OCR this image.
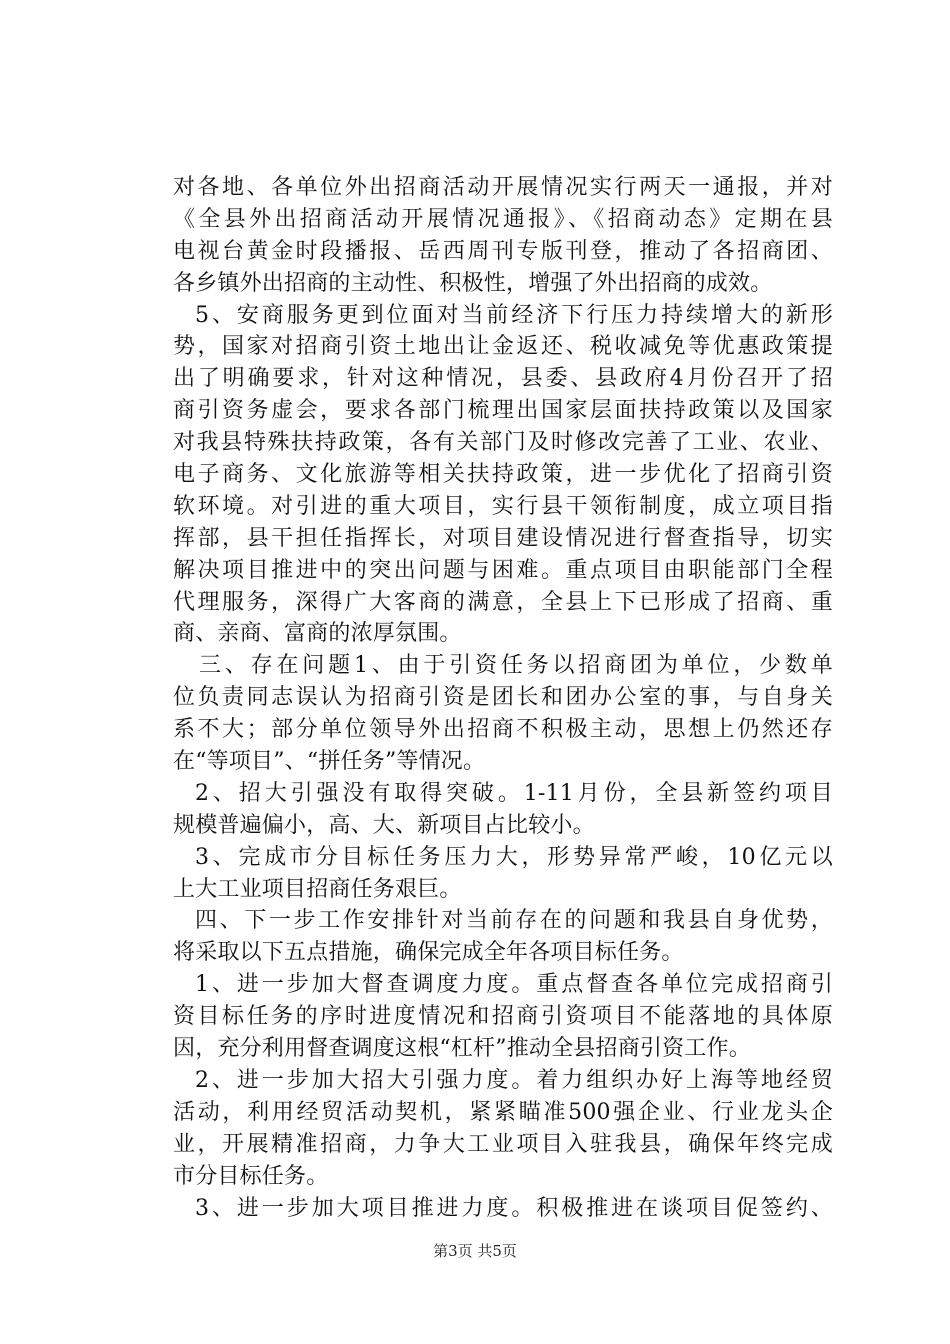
对各地、各单位外出招商活动开展情况实行两天一通报，并对
《全县外出招商活动开展情况通报》、《招商动态》定期在县
电视台黄金时段播报、岳西周刊专版刊登，推动了各招商团、
各乡镇外出招商的主动性、积极性，增强了外出招商的成效。
5、安商服务更到位面对当前经济下行压力持续增大的新形
势，国家对招商引资土地出让金返还、税收减免等优惠政策提
出了明确要求，针对这种情况，县委、县政府4月份召开了招
商引资务虚会，要求各部门梳理出国家层面扶持政策以及国家
对我县特殊扶持政策，各有关部门及时修改完善了工业、农业、
电子商务、文化旅游等相关扶持政策，进一步优化了招商引资
软环境。对引进的重大项目，实行县干领衔制度，成立项目指
挥部，县干担任指挥长，对项目建设情况进行督查指导，切实
解决项目推进中的突出问题与困难。重点项目由职能部门全程
代理服务，深得广大客商的满意，全县上下已形成了招商、重
商、亲商、富商的浓厚氛围。
三、存在问题1、由于引资任务以招商团为单位，少数单
位负责同志误认为招商引资是团长和团办公室的事，与自身关
系不大；部分单位领导外出招商不积极主动，思想上仍然还存
在“等项目”、“拼任务”等情况。
2、招大引强没有取得突破。1-11月份，全县新签约项目
规模普遍偏小，高、大、新项目占比较小。
3、完成市分目标任务压力大，形势异常严峻，10亿元以
上大工业项目招商任务艰巨。
四、下一步工作安排针对当前存在的问题和我县自身优势，
将采取以下五点措施，确保完成全年各项目标任务。
1、进一步加大督查调度力度。重点督查各单位完成招商引
资目标任务的序时进度情况和招商引资项目不能落地的具体原
因，充分利用督查调度这根“杠杆”推动全县招商引资工作。
2、进一步加大招大引强力度。着力组织办好上海等地经贸
活动，利用经贸活动契机，紧紧瞄准500强企业、行业龙头企
业，开展精准招商，力争大工业项目入驻我县，确保年终完成
市分目标任务。
3、进一步加大项目推进力度。积极推进在谈项目促签约、
第3页 共5页
